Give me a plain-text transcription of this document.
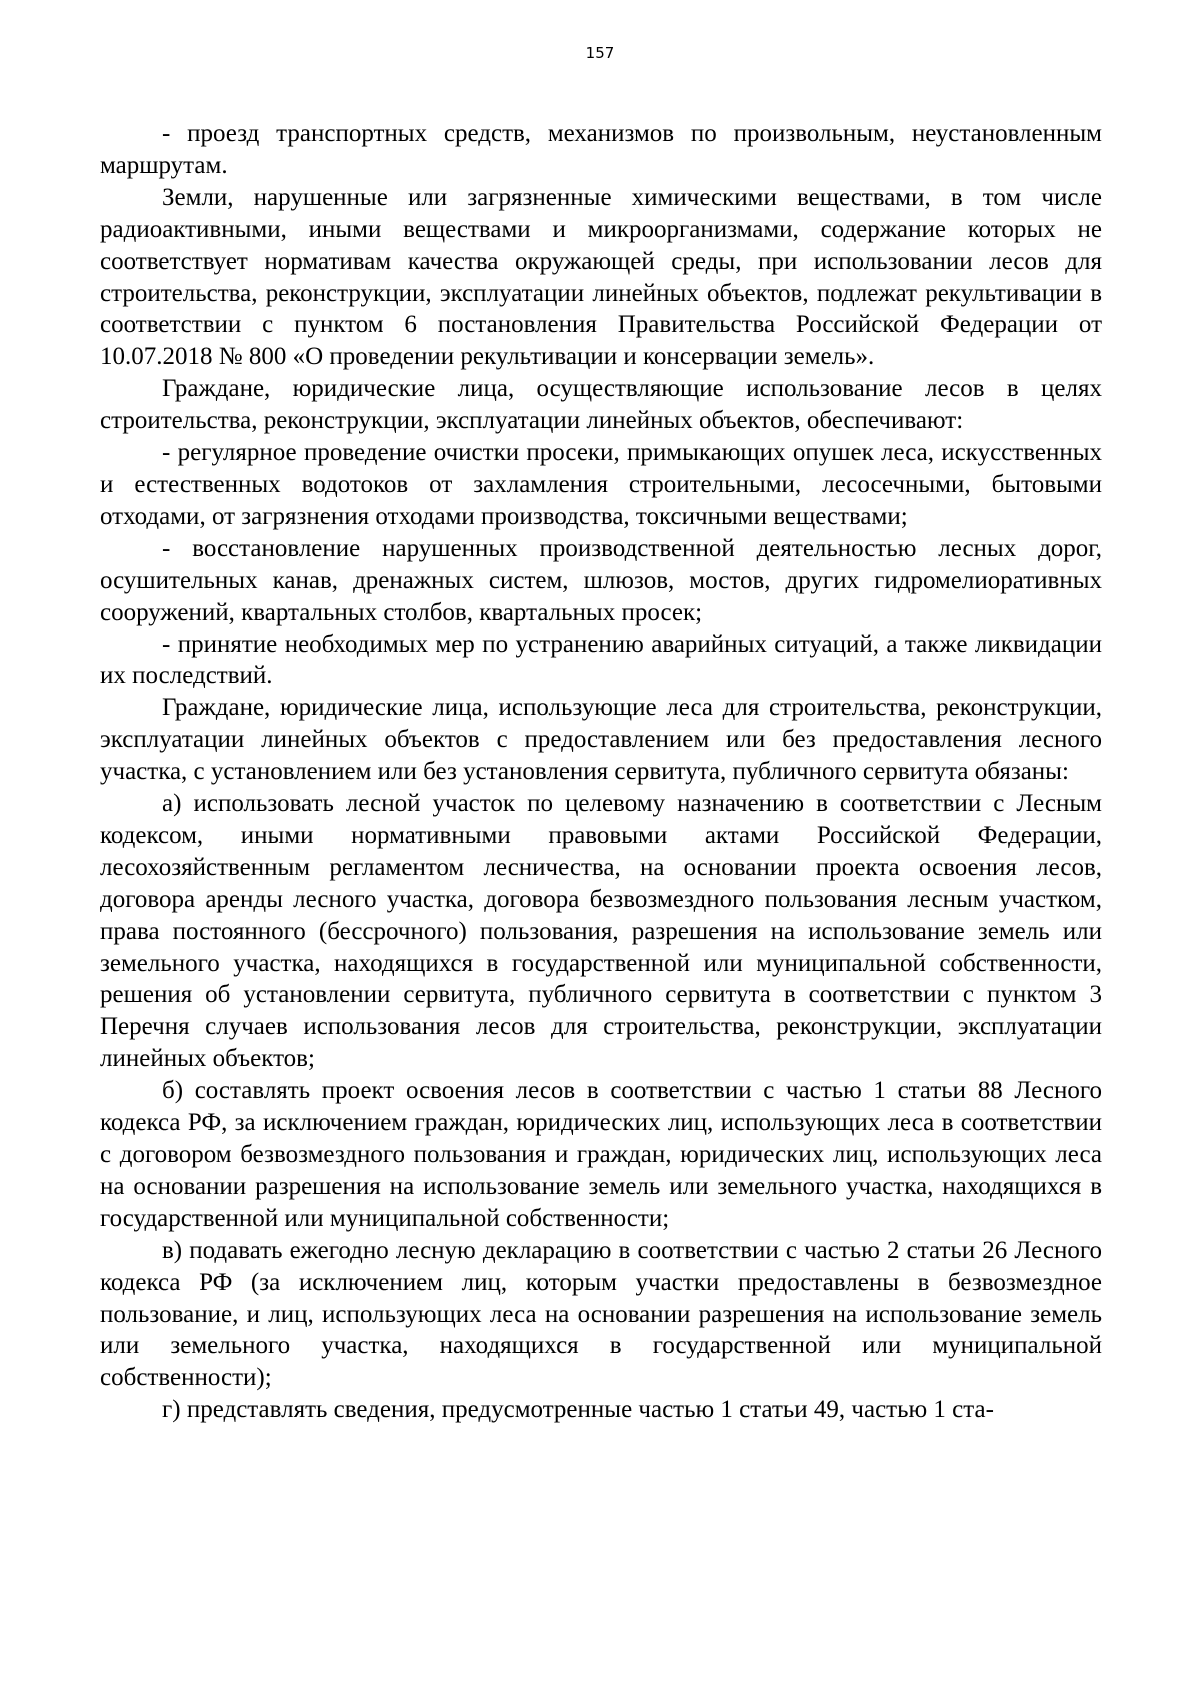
157

- проезд транспортных средств, механизмов по произвольным, неустановленным маршрутам.

Земли, нарушенные или загрязненные химическими веществами, в том числе радиоактивными, иными веществами и микроорганизмами, содержание которых не соответствует нормативам качества окружающей среды, при использовании лесов для строительства, реконструкции, эксплуатации линейных объектов, подлежат рекультивации в соответствии с пунктом 6 постановления Правительства Российской Федерации от 10.07.2018 № 800 «О проведении рекультивации и консервации земель».

Граждане, юридические лица, осуществляющие использование лесов в целях строительства, реконструкции, эксплуатации линейных объектов, обеспечивают:

- регулярное проведение очистки просеки, примыкающих опушек леса, искусственных и естественных водотоков от захламления строительными, лесосечными, бытовыми отходами, от загрязнения отходами производства, токсичными веществами;

- восстановление нарушенных производственной деятельностью лесных дорог, осушительных канав, дренажных систем, шлюзов, мостов, других гидромелиоративных сооружений, квартальных столбов, квартальных просек;

- принятие необходимых мер по устранению аварийных ситуаций, а также ликвидации их последствий.

Граждане, юридические лица, использующие леса для строительства, реконструкции, эксплуатации линейных объектов с предоставлением или без предоставления лесного участка, с установлением или без установления сервитута, публичного сервитута обязаны:

а) использовать лесной участок по целевому назначению в соответствии с Лесным кодексом, иными нормативными правовыми актами Российской Федерации, лесохозяйственным регламентом лесничества, на основании проекта освоения лесов, договора аренды лесного участка, договора безвозмездного пользования лесным участком, права постоянного (бессрочного) пользования, разрешения на использование земель или земельного участка, находящихся в государственной или муниципальной собственности, решения об установлении сервитута, публичного сервитута в соответствии с пунктом 3 Перечня случаев использования лесов для строительства, реконструкции, эксплуатации линейных объектов;

б) составлять проект освоения лесов в соответствии с частью 1 статьи 88 Лесного кодекса РФ, за исключением граждан, юридических лиц, использующих леса в соответствии с договором безвозмездного пользования и граждан, юридических лиц, использующих леса на основании разрешения на использование земель или земельного участка, находящихся в государственной или муниципальной собственности;

в) подавать ежегодно лесную декларацию в соответствии с частью 2 статьи 26 Лесного кодекса РФ (за исключением лиц, которым участки предоставлены в безвозмездное пользование, и лиц, использующих леса на основании разрешения на использование земель или земельного участка, находящихся в государственной или муниципальной собственности);

г) представлять сведения, предусмотренные частью 1 статьи 49, частью 1 ста-
